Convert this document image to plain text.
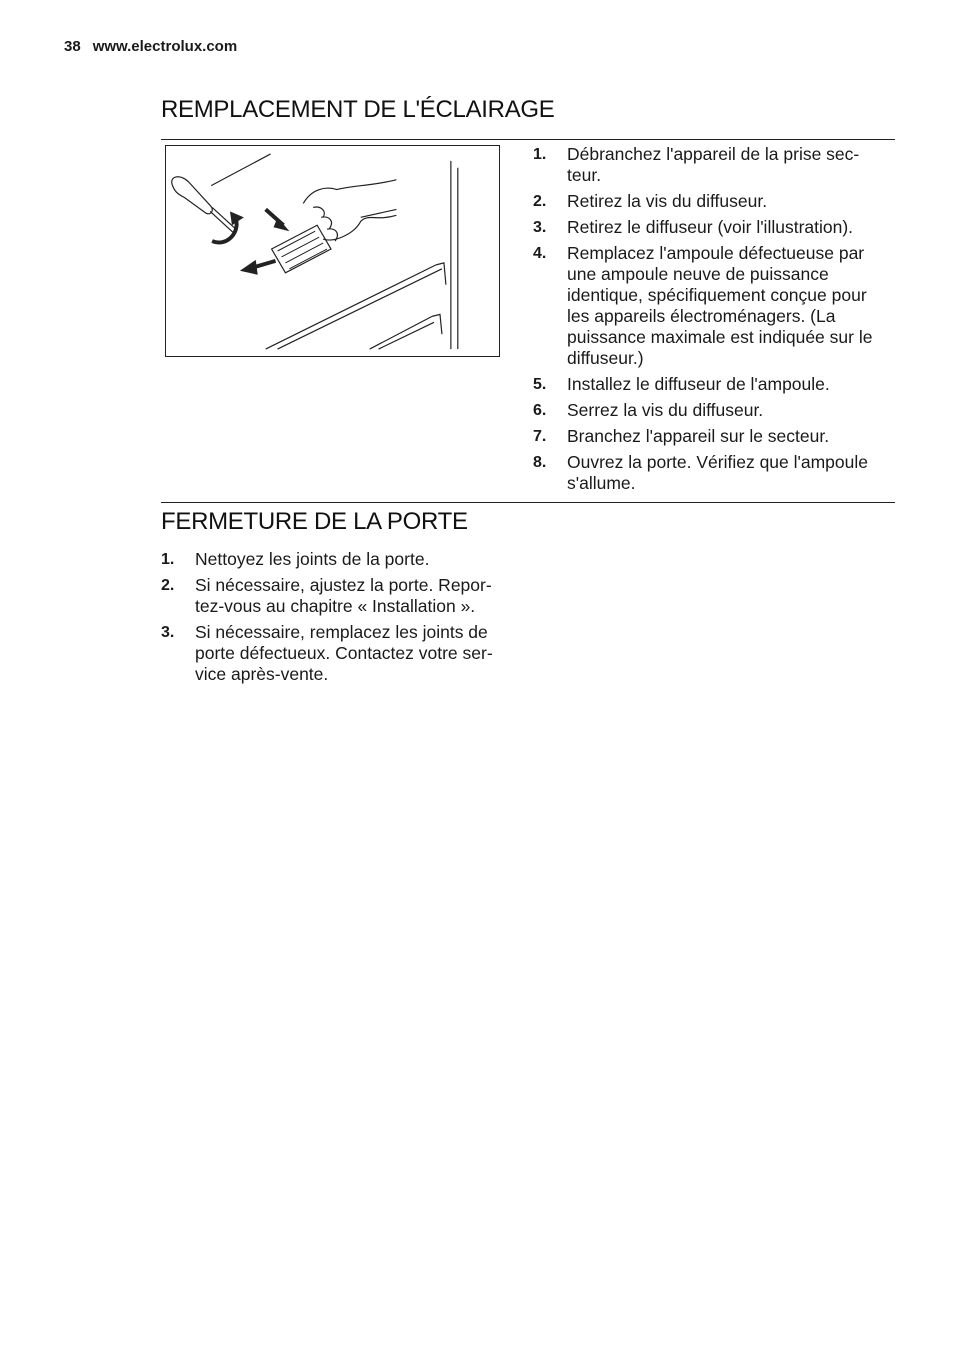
38 www.electrolux.com
REMPLACEMENT DE L'ÉCLAIRAGE
1. Débranchez l'appareil de la prise sec-teur.
2. Retirez la vis du diffuseur.
3. Retirez le diffuseur (voir l'illustration).
4. Remplacez l'ampoule défectueuse par une ampoule neuve de puissance identique, spécifiquement conçue pour les appareils électroménagers. (La puissance maximale est indiquée sur le diffuseur.)
5. Installez le diffuseur de l'ampoule.
6. Serrez la vis du diffuseur.
7. Branchez l'appareil sur le secteur.
8. Ouvrez la porte. Vérifiez que l'ampoule s'allume.
FERMETURE DE LA PORTE
1. Nettoyez les joints de la porte.
2. Si nécessaire, ajustez la porte. Repor-tez-vous au chapitre « Installation ».
3. Si nécessaire, remplacez les joints de porte défectueux. Contactez votre ser-vice après-vente.
